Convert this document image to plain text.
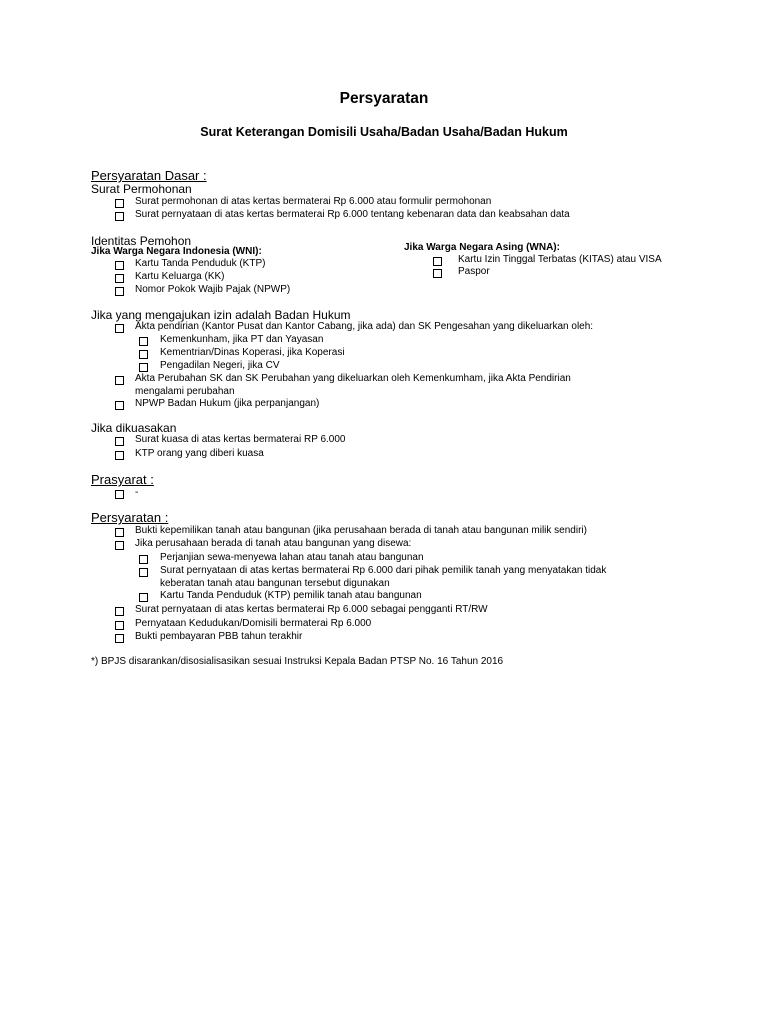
Persyaratan
Surat Keterangan Domisili Usaha/Badan Usaha/Badan Hukum
Persyaratan Dasar :
Surat Permohonan
Surat permohonan di atas kertas bermaterai Rp 6.000 atau formulir permohonan
Surat pernyataan di atas kertas bermaterai Rp 6.000 tentang kebenaran data dan keabsahan data
Identitas Pemohon
Jika Warga Negara Indonesia (WNI):	Jika Warga Negara Asing (WNA):
Kartu Tanda Penduduk (KTP)
Kartu Keluarga (KK)
Nomor Pokok Wajib Pajak (NPWP)
Kartu Izin Tinggal Terbatas (KITAS) atau VISA
Paspor
Jika yang mengajukan izin adalah Badan Hukum
Akta pendirian (Kantor Pusat dan Kantor Cabang, jika ada) dan SK Pengesahan yang dikeluarkan oleh:
Kemenkunham, jika PT dan Yayasan
Kementrian/Dinas Koperasi, jika Koperasi
Pengadilan Negeri, jika CV
Akta Perubahan SK dan SK Perubahan yang dikeluarkan oleh Kemenkumham, jika Akta Pendirian
mengalami perubahan
NPWP Badan Hukum (jika perpanjangan)
Jika dikuasakan
Surat kuasa di atas kertas bermaterai RP 6.000
KTP orang yang diberi kuasa
Prasyarat :
-
Persyaratan :
Bukti kepemilikan tanah atau bangunan (jika perusahaan berada di tanah atau bangunan milik sendiri)
Jika perusahaan berada di tanah atau bangunan yang disewa:
Perjanjian sewa-menyewa lahan atau tanah atau bangunan
Surat pernyataan di atas kertas bermaterai Rp 6.000 dari pihak pemilik tanah yang menyatakan tidak
keberatan tanah atau bangunan tersebut digunakan
Kartu Tanda Penduduk (KTP) pemilik tanah atau bangunan
Surat pernyataan di atas kertas bermaterai Rp 6.000 sebagai pengganti RT/RW
Pernyataan Kedudukan/Domisili bermaterai Rp 6.000
Bukti pembayaran PBB tahun terakhir
*) BPJS disarankan/disosialisasikan sesuai Instruksi Kepala Badan PTSP No. 16 Tahun 2016
